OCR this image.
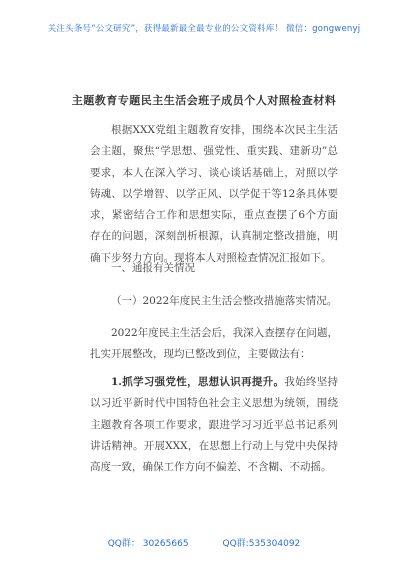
关注头条号“公文研究”，获得最新最全最专业的公文资料库！ 微信：gongwenyj
主题教育专题民主生活会班子成员个人对照检查材料

根据XXX党组主题教育安排，围绕本次民主生活会主题，聚焦“学思想、强党性、重实践、建新功”总要求，本人在深入学习、谈心谈话基础上，对照以学铸魂、以学增智、以学正风、以学促干等12条具体要求，紧密结合工作和思想实际，重点查摆了6个方面存在的问题，深刻剖析根源，认真制定整改措施，明确下步努力方向。现将本人对照检查情况汇报如下。

一、通报有关情况

（一）2022年度民主生活会整改措施落实情况。

2022年度民主生活会后，我深入查摆存在问题，扎实开展整改，现均已整改到位，主要做法有：

1.抓学习强党性，思想认识再提升。我始终坚持以习近平新时代中国特色社会主义思想为统领，围绕主题教育各项工作要求，跟进学习习近平总书记系列讲话精神。开展XXX，在思想上行动上与党中央保持高度一致，确保工作方向不偏差、不含糊、不动摇。

QQ群： 30265665	QQ群:535304092
